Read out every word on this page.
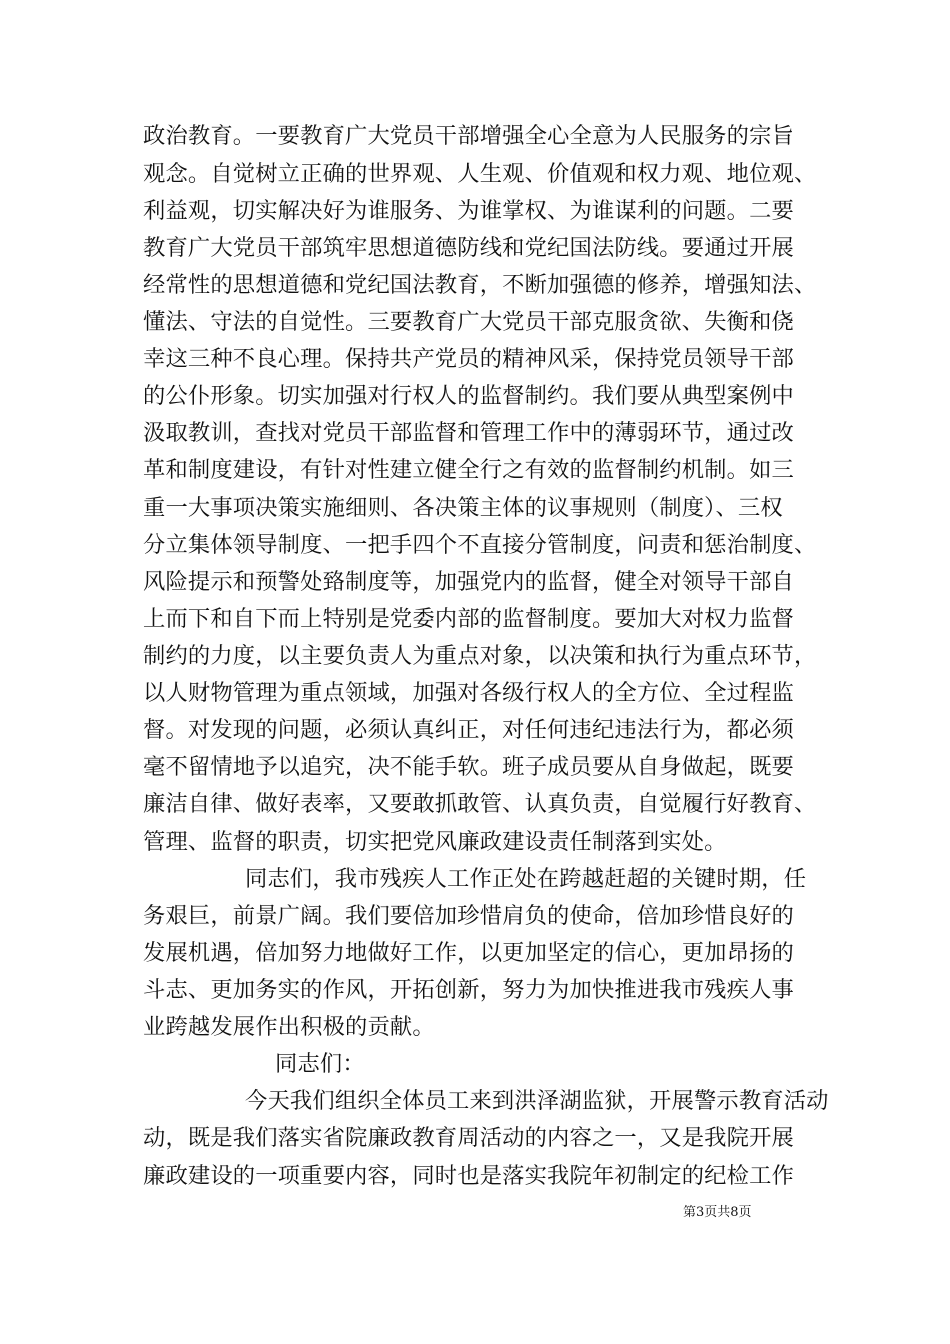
政治教育。一要教育广大党员干部增强全心全意为人民服务的宗旨
观念。自觉树立正确的世界观、人生观、价值观和权力观、地位观、
利益观，切实解决好为谁服务、为谁掌权、为谁谋利的问题。二要
教育广大党员干部筑牢思想道德防线和党纪国法防线。要通过开展
经常性的思想道德和党纪国法教育，不断加强德的修养，增强知法、
懂法、守法的自觉性。三要教育广大党员干部克服贪欲、失衡和侥
幸这三种不良心理。保持共产党员的精神风采，保持党员领导干部
的公仆形象。切实加强对行权人的监督制约。我们要从典型案例中
汲取教训，查找对党员干部监督和管理工作中的薄弱环节，通过改
革和制度建设，有针对性建立健全行之有效的监督制约机制。如三
重一大事项决策实施细则、各决策主体的议事规则（制度）、三权
分立集体领导制度、一把手四个不直接分管制度，问责和惩治制度、
风险提示和预警处臵制度等，加强党内的监督，健全对领导干部自
上而下和自下而上特别是党委内部的监督制度。要加大对权力监督
制约的力度，以主要负责人为重点对象，以决策和执行为重点环节，
以人财物管理为重点领域，加强对各级行权人的全方位、全过程监
督。对发现的问题，必须认真纠正，对任何违纪违法行为，都必须
毫不留情地予以追究，决不能手软。班子成员要从自身做起，既要
廉洁自律、做好表率，又要敢抓敢管、认真负责，自觉履行好教育、
管理、监督的职责，切实把党风廉政建设责任制落到实处。
同志们，我市残疾人工作正处在跨越赶超的关键时期，任
务艰巨，前景广阔。我们要倍加珍惜肩负的使命，倍加珍惜良好的
发展机遇，倍加努力地做好工作，以更加坚定的信心，更加昂扬的
斗志、更加务实的作风，开拓创新，努力为加快推进我市残疾人事
业跨越发展作出积极的贡献。
同志们：
今天我们组织全体员工来到洪泽湖监狱，开展警示教育活动
动，既是我们落实省院廉政教育周活动的内容之一，又是我院开展
廉政建设的一项重要内容，同时也是落实我院年初制定的纪检工作
第3页共8页
